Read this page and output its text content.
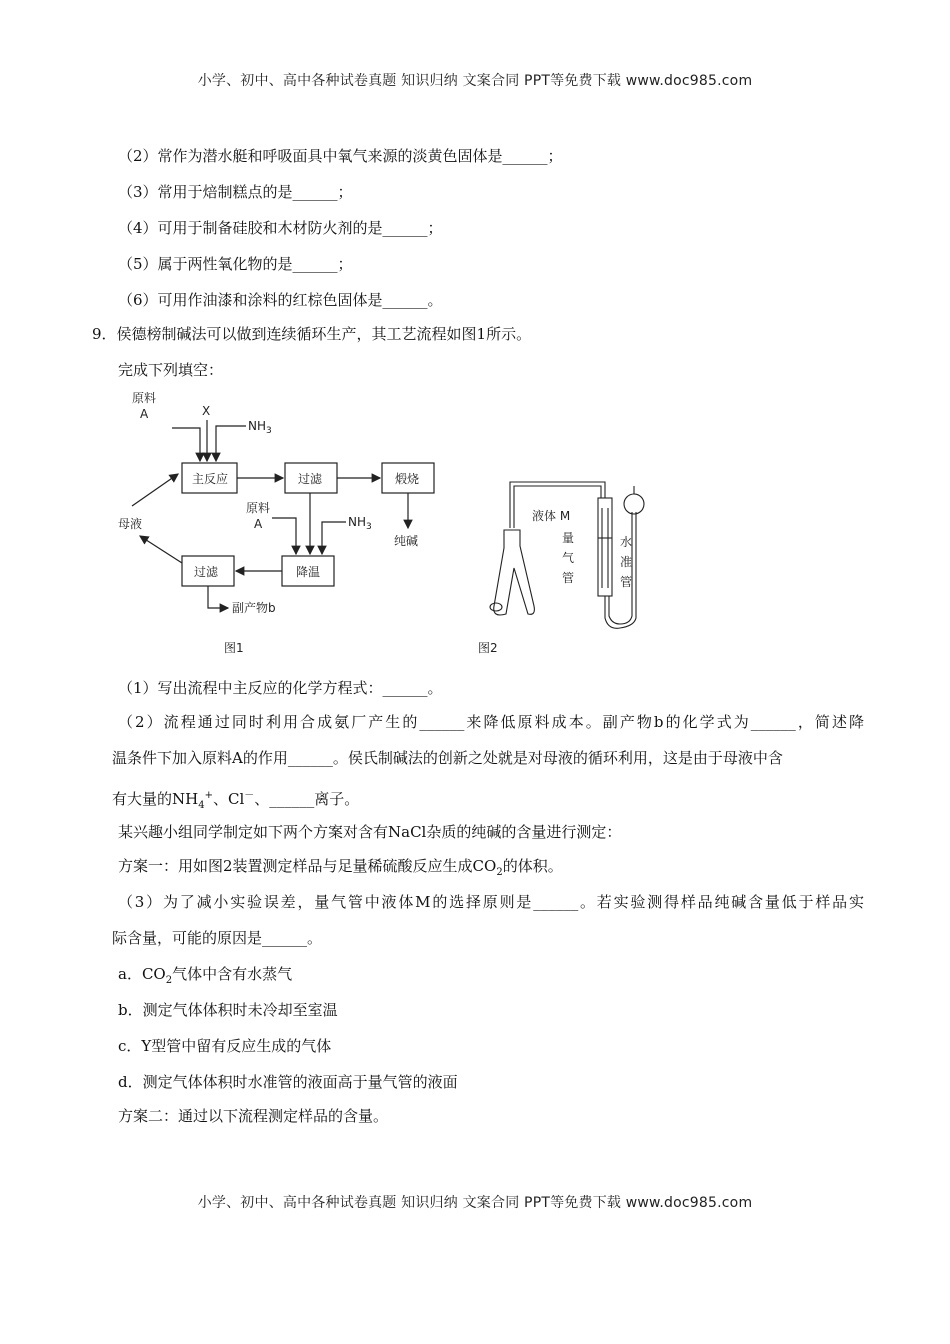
小学、初中、高中各种试卷真题 知识归纳 文案合同 PPT等免费下载 www.doc985.com
（2）常作为潜水艇和呼吸面具中氧气来源的淡黄色固体是______；
（3）常用于焙制糕点的是______；
（4）可用于制备硅胶和木材防火剂的是______；
（5）属于两性氧化物的是______；
（6）可用作油漆和涂料的红棕色固体是______。
9．侯德榜制碱法可以做到连续循环生产，其工艺流程如图1所示。
完成下列填空：
原料
A	X
$NH_3$
主反应	过滤	煅烧
纯碱
原料
A	$NH_3$
降温
过滤
母液
副产物b
图1
液体 M
量
气
管
水
准
管
图2
（1）写出流程中主反应的化学方程式：______。
（2）流程通过同时利用合成氨厂产生的______来降低原料成本。副产物b的化学式为______，简述降
温条件下加入原料A的作用______。侯氏制碱法的创新之处就是对母液的循环利用，这是由于母液中含
有大量的$NH_4^+$、Cl－、______离子。
某兴趣小组同学制定如下两个方案对含有NaCl杂质的纯碱的含量进行测定：
方案一：用如图2装置测定样品与足量稀硫酸反应生成$CO_2$的体积。
（3）为了减小实验误差，量气管中液体M的选择原则是______。若实验测得样品纯碱含量低于样品实
际含量，可能的原因是______。
a．$CO_2$气体中含有水蒸气
b．测定气体体积时未冷却至室温
c．Y型管中留有反应生成的气体
d．测定气体体积时水准管的液面高于量气管的液面
方案二：通过以下流程测定样品的含量。
小学、初中、高中各种试卷真题 知识归纳 文案合同 PPT等免费下载 www.doc985.com
